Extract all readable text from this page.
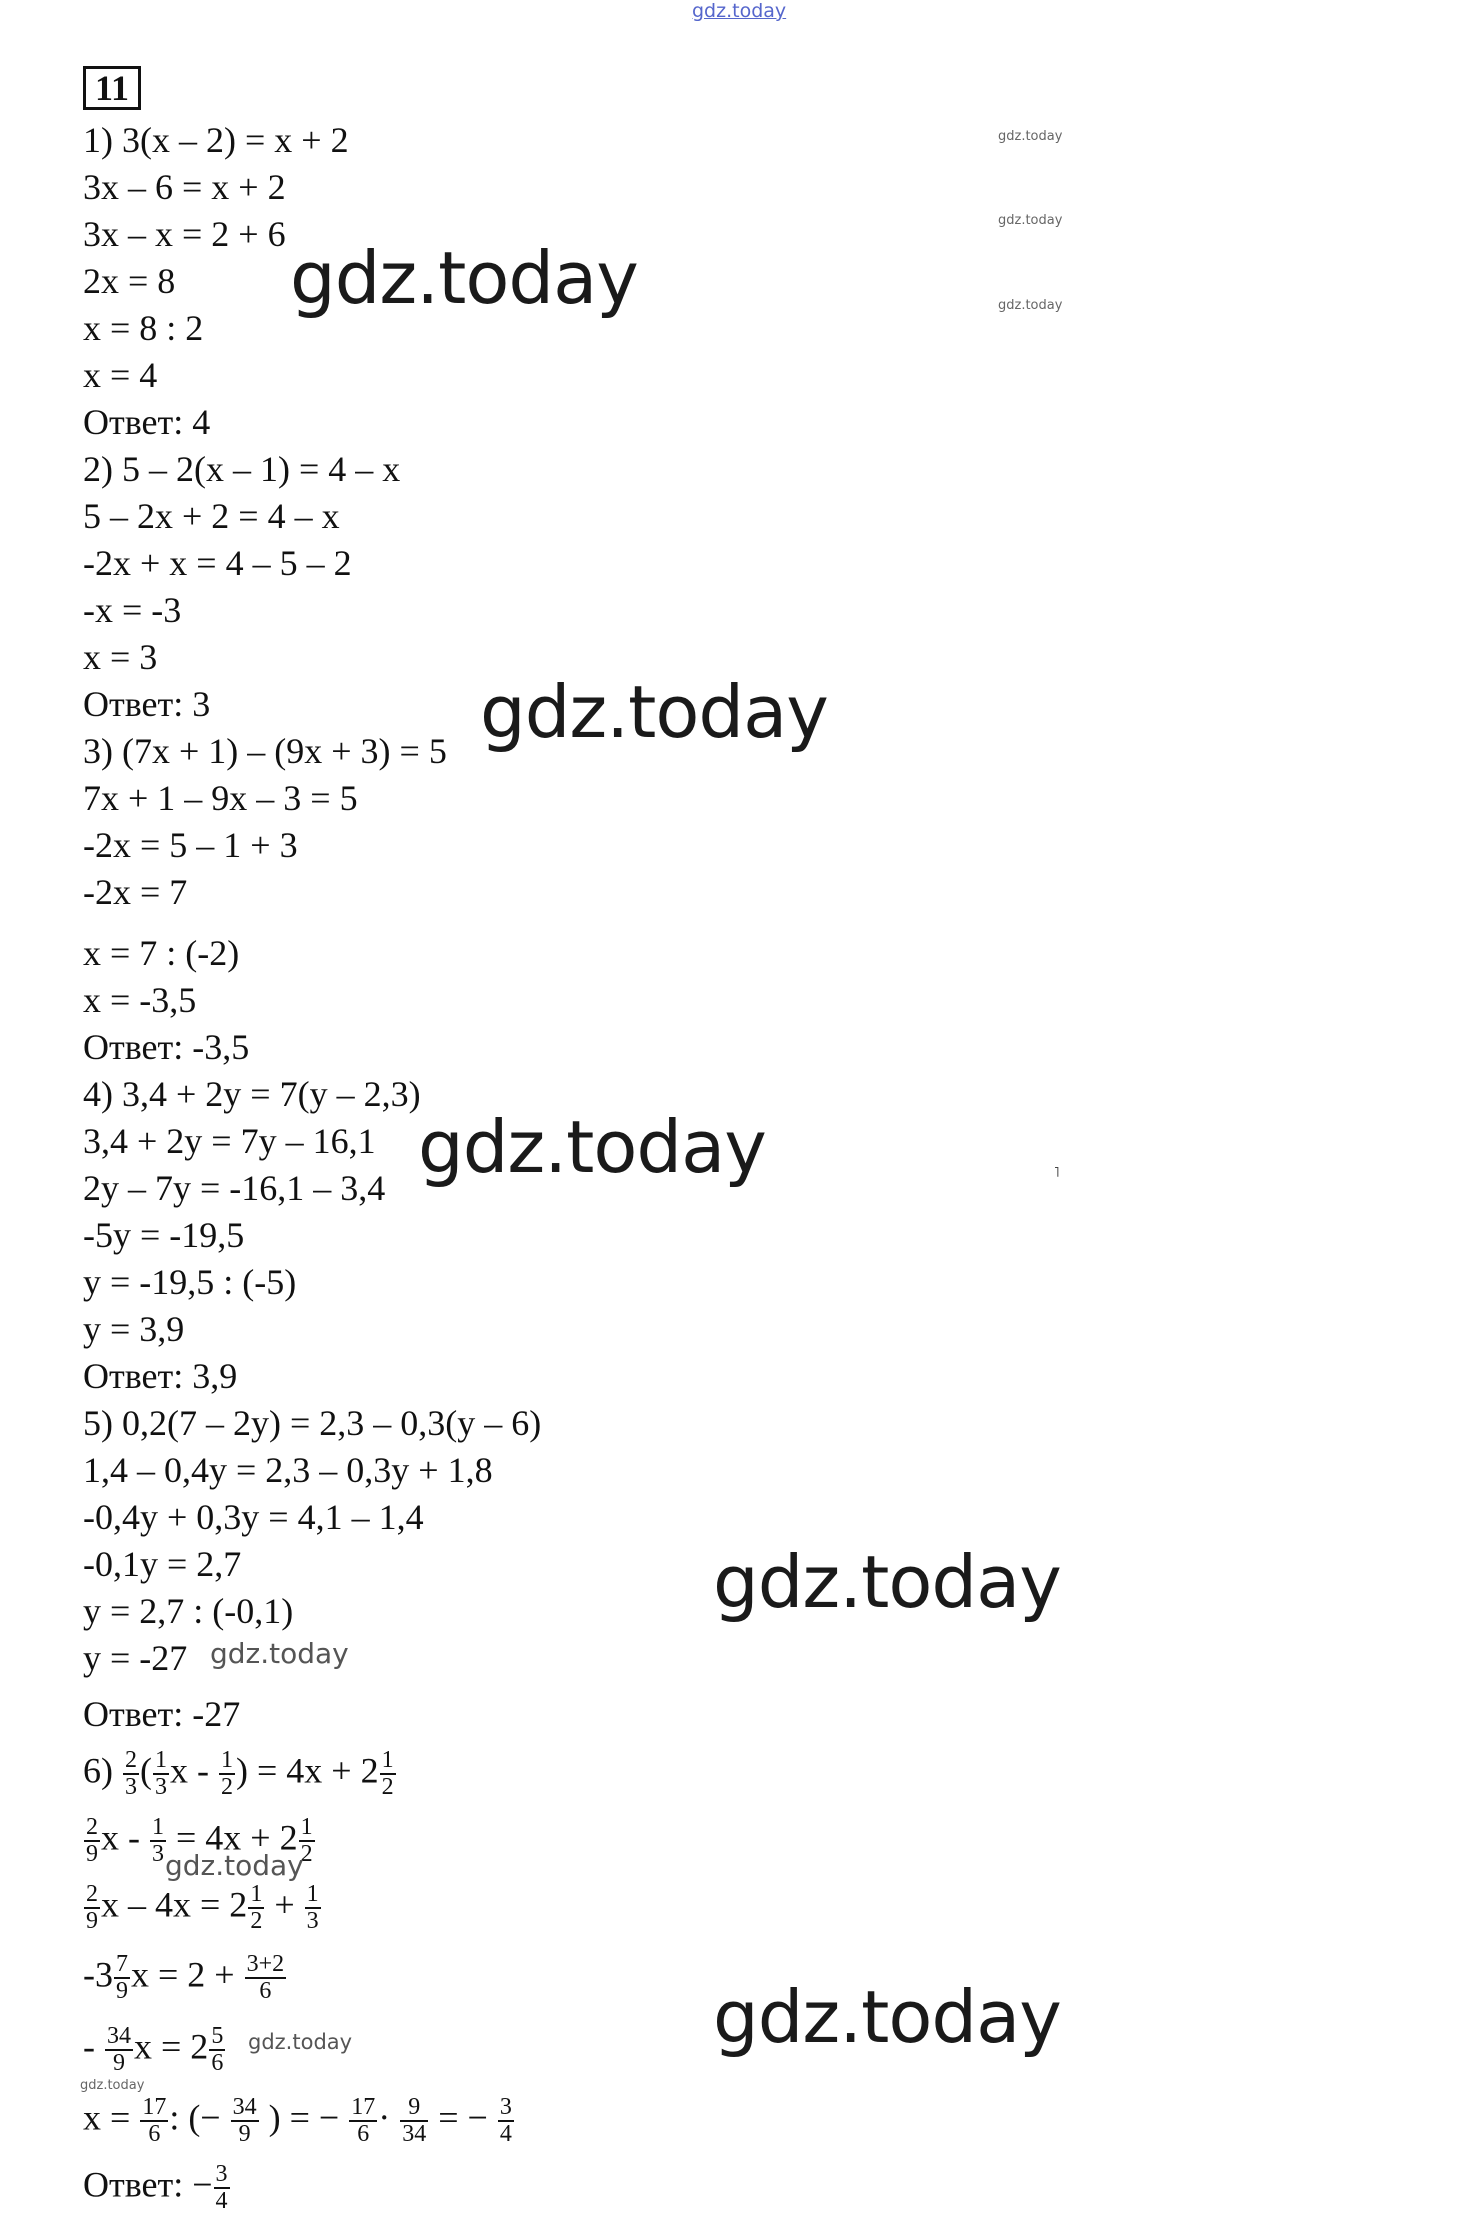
gdz.today
11
1) 3(x – 2) = x + 2
3x – 6 = x + 2
3x – x = 2 + 6
2x = 8
x = 8 : 2
x = 4
Ответ: 4
2) 5 – 2(x – 1) = 4 – x
5 – 2x + 2 = 4 – x
-2x + x = 4 – 5 – 2
-x = -3
x = 3
Ответ: 3
3) (7x + 1) – (9x + 3) = 5
7x + 1 – 9x – 3 = 5
-2x = 5 – 1 + 3
-2x = 7
x = 7 : (-2)
x = -3,5
Ответ: -3,5
4) 3,4 + 2y = 7(y – 2,3)
3,4 + 2y = 7y – 16,1
2y – 7y = -16,1 – 3,4
-5y = -19,5
y = -19,5 : (-5)
y = 3,9
Ответ: 3,9
5) 0,2(7 – 2y) = 2,3 – 0,3(y – 6)
1,4 – 0,4y = 2,3 – 0,3y + 1,8
-0,4y + 0,3y = 4,1 – 1,4
-0,1y = 2,7
y = 2,7 : (-0,1)
y = -27
Ответ: -27
$6) \frac{2}{3}$ ( $\frac{1}{3}$ x - $\frac{1}{2}$ ) = $4x + 2 \frac{1}{2}$
$\frac{2}{9}$ $x - \frac{1}{3} = 4x + 2 \frac{1}{2}$
$\frac{2}{9}$ $x - 4x = 2 \frac{1}{2} + \frac{1}{3}$
$-3 \frac{7}{9}$ $x = 2 + \frac{3+2}{6}$
- $\frac{34}{9}$ $x = 2 \frac{5}{6}$
$x = \frac{17}{6}$ : (− $\frac{34}{9}$ ) = − $\frac{17}{6} \cdot \frac{9}{34}$ = − $\frac{3}{4}$
Ответ: − $\frac{3}{4}$
gdz.today
gdz.today
gdz.today
gdz.today
gdz.today
gdz.today
gdz.today
gdz.today
gdz.today
gdz.today
gdz.today
gdz.today
˥
